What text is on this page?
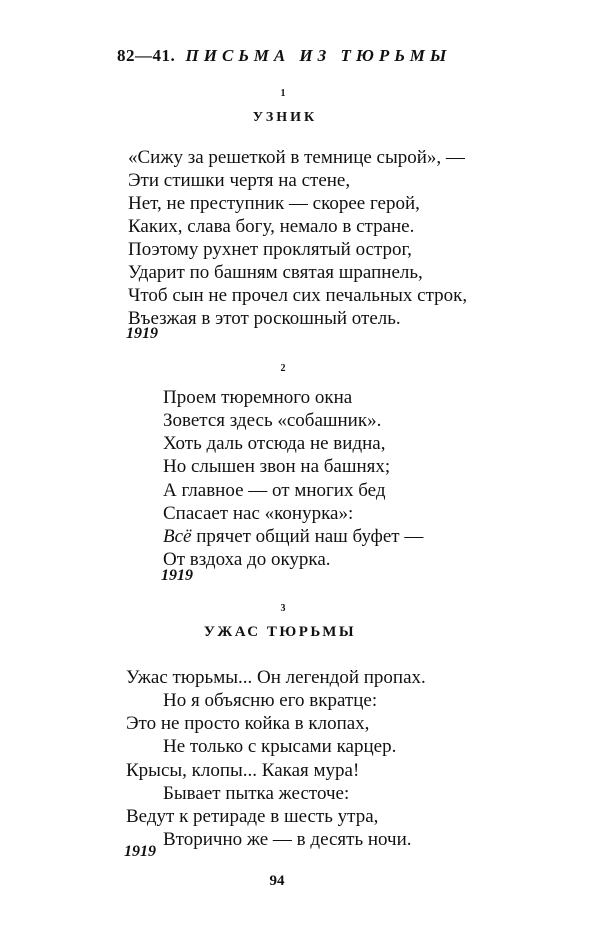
82—41. ПИСЬМА ИЗ ТЮРЬМЫ
1
УЗНИК
«Сижу за решеткой в темнице сырой», —
Эти стишки чертя на стене,
Нет, не преступник — скорее герой,
Каких, слава богу, немало в стране.
Поэтому рухнет проклятый острог,
Ударит по башням святая шрапнель,
Чтоб сын не прочел сих печальных строк,
Въезжая в этот роскошный отель.
1919
2
Проем тюремного окна
Зовется здесь «собашник».
Хоть даль отсюда не видна,
Но слышен звон на башнях;
А главное — от многих бед
Спасает нас «конурка»:
Всё прячет общий наш буфет —
От вздоха до окурка.
1919
3
УЖАС ТЮРЬМЫ
Ужас тюрьмы... Он легендой пропах.
Но я объясню его вкратце:
Это не просто койка в клопах,
Не только с крысами карцер.
Крысы, клопы... Какая мура!
Бывает пытка жесточе:
Ведут к ретираде в шесть утра,
Вторично же — в десять ночи.
1919
94
